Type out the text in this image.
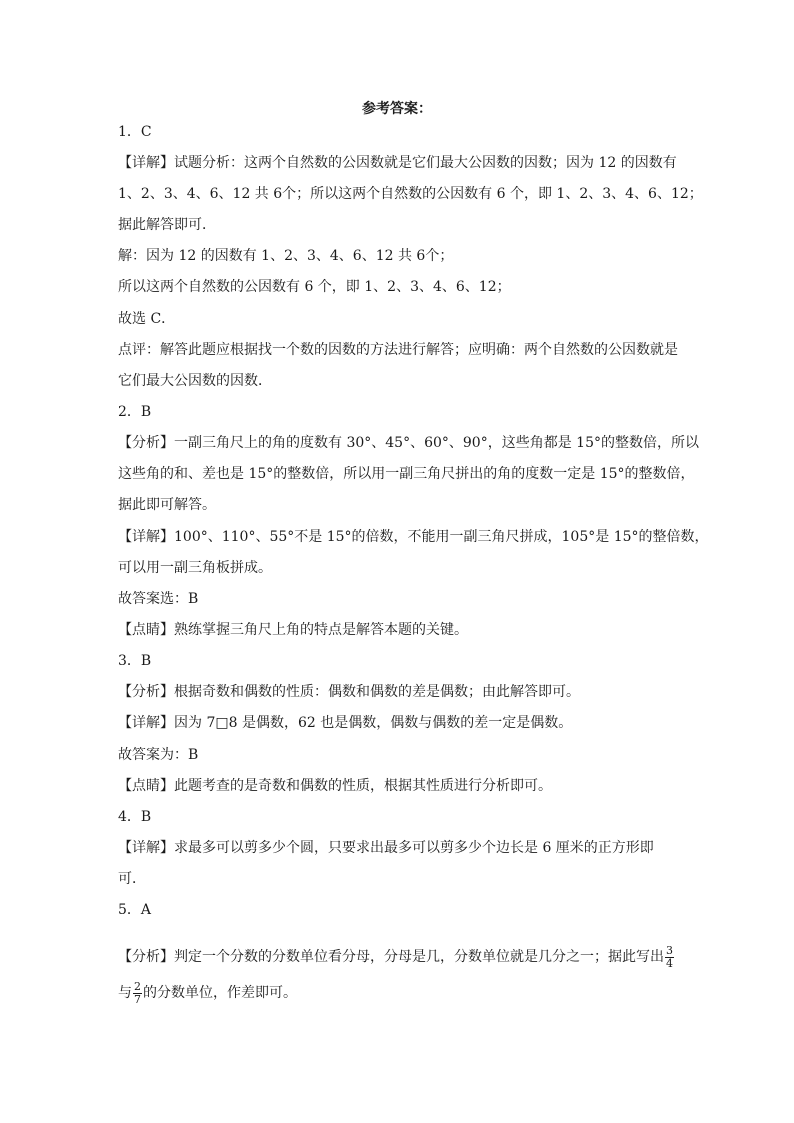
参考答案：
1．C
【详解】试题分析：这两个自然数的公因数就是它们最大公因数的因数；因为 12 的因数有
1、2、3、4、6、12 共 6个；所以这两个自然数的公因数有 6 个，即 1、2、3、4、6、12；
据此解答即可．
解：因为 12 的因数有 1、2、3、4、6、12 共 6个；
所以这两个自然数的公因数有 6 个，即 1、2、3、4、6、12；
故选 C．
点评：解答此题应根据找一个数的因数的方法进行解答；应明确：两个自然数的公因数就是
它们最大公因数的因数．
2．B
【分析】一副三角尺上的角的度数有 30°、45°、60°、90°，这些角都是 15°的整数倍，所以
这些角的和、差也是 15°的整数倍，所以用一副三角尺拼出的角的度数一定是 15°的整数倍，
据此即可解答。
【详解】100°、110°、55°不是 15°的倍数，不能用一副三角尺拼成，105°是 15°的整倍数，
可以用一副三角板拼成。
故答案选：B
【点睛】熟练掌握三角尺上角的特点是解答本题的关键。
3．B
【分析】根据奇数和偶数的性质：偶数和偶数的差是偶数；由此解答即可。
【详解】因为 7□8 是偶数，62 也是偶数，偶数与偶数的差一定是偶数。
故答案为：B
【点睛】此题考查的是奇数和偶数的性质，根据其性质进行分析即可。
4．B
【详解】求最多可以剪多少个圆，只要求出最多可以剪多少个边长是 6 厘米的正方形即
可．
5．A
【分析】判定一个分数的分数单位看分母，分母是几，分数单位就是几分之一；据此写出 $\frac{3}{4}$
与 $\frac{2}{7}$ 的分数单位，作差即可。
